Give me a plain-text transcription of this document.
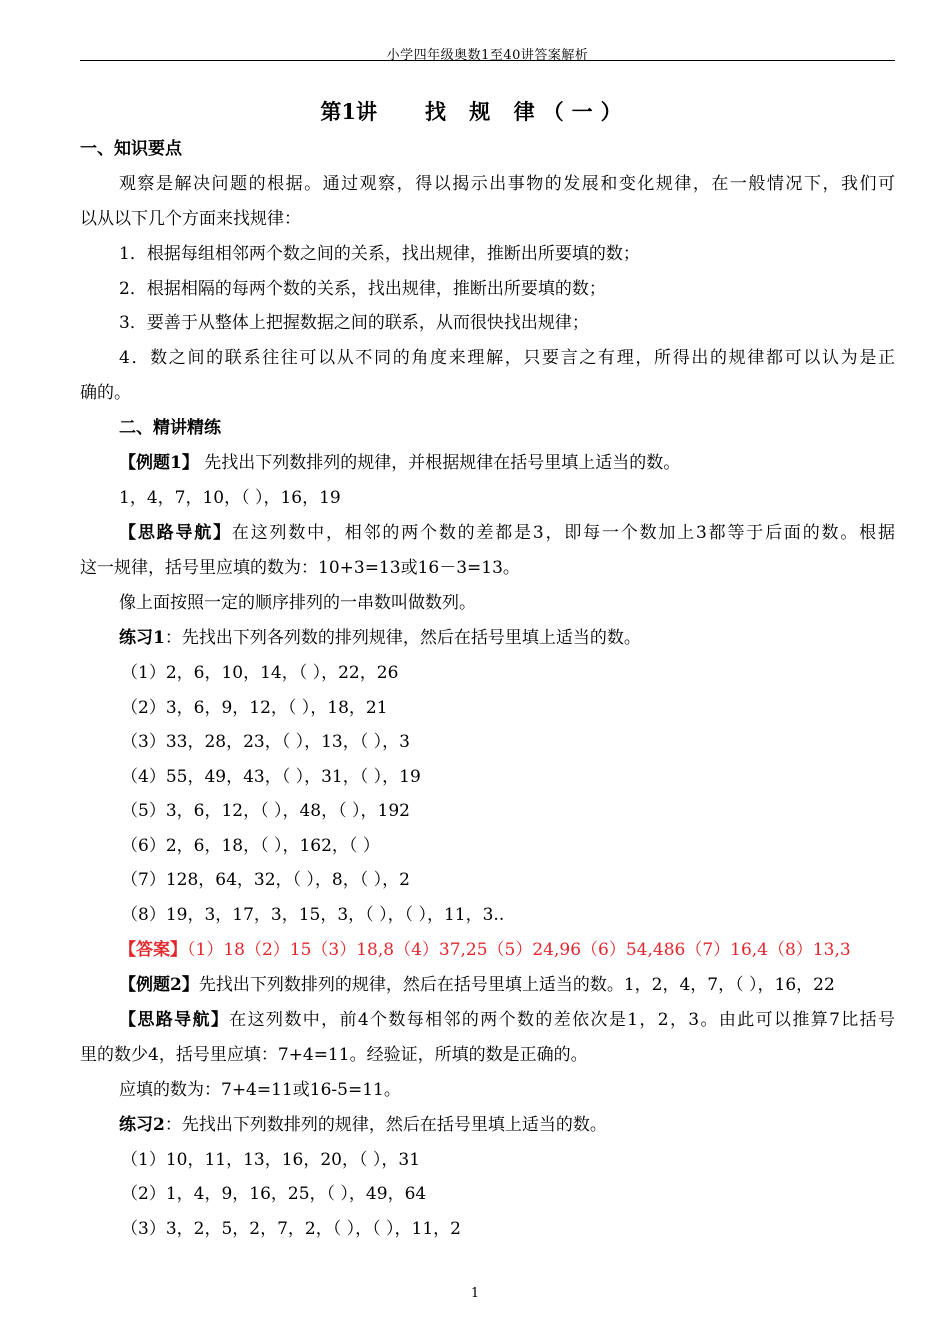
小学四年级奥数1至40讲答案解析
第1讲 找 规 律（一）
一、知识要点
观察是解决问题的根据。通过观察，得以揭示出事物的发展和变化规律，在一般情况下，我们可
以从以下几个方面来找规律：
1．根据每组相邻两个数之间的关系，找出规律，推断出所要填的数；
2．根据相隔的每两个数的关系，找出规律，推断出所要填的数；
3．要善于从整体上把握数据之间的联系，从而很快找出规律；
4．数之间的联系往往可以从不同的角度来理解，只要言之有理，所得出的规律都可以认为是正
确的。
二、精讲精练
【例题1】 先找出下列数排列的规律，并根据规律在括号里填上适当的数。
1，4，7，10，（ ），16，19
【思路导航】在这列数中，相邻的两个数的差都是3，即每一个数加上3都等于后面的数。根据
这一规律，括号里应填的数为：10+3=13或16－3=13。
像上面按照一定的顺序排列的一串数叫做数列。
练习1：先找出下列各列数的排列规律，然后在括号里填上适当的数。
（1）2，6，10，14，（ ），22，26
（2）3，6，9，12，（ ），18，21
（3）33，28，23，（ ），13，（ ），3
（4）55，49，43，（ ），31，（ ），19
（5）3，6，12，（ ），48，（ ），192
（6）2，6，18，（ ），162，（ ）
（7）128，64，32，（ ），8，（ ），2
（8）19，3，17，3，15，3，（ ），（ ），11，3..
【答案】（1）18（2）15（3）18,8（4）37,25（5）24,96（6）54,486（7）16,4（8）13,3
【例题2】先找出下列数排列的规律，然后在括号里填上适当的数。1，2，4，7，（ ），16，22
【思路导航】在这列数中，前4个数每相邻的两个数的差依次是1，2，3。由此可以推算7比括号
里的数少4，括号里应填：7+4=11。经验证，所填的数是正确的。
应填的数为：7+4=11或16-5=11。
练习2：先找出下列数排列的规律，然后在括号里填上适当的数。
（1）10，11，13，16，20，（ ），31
（2）1，4，9，16，25，（ ），49，64
（3）3，2，5，2，7，2，（ ），（ ），11，2
1
